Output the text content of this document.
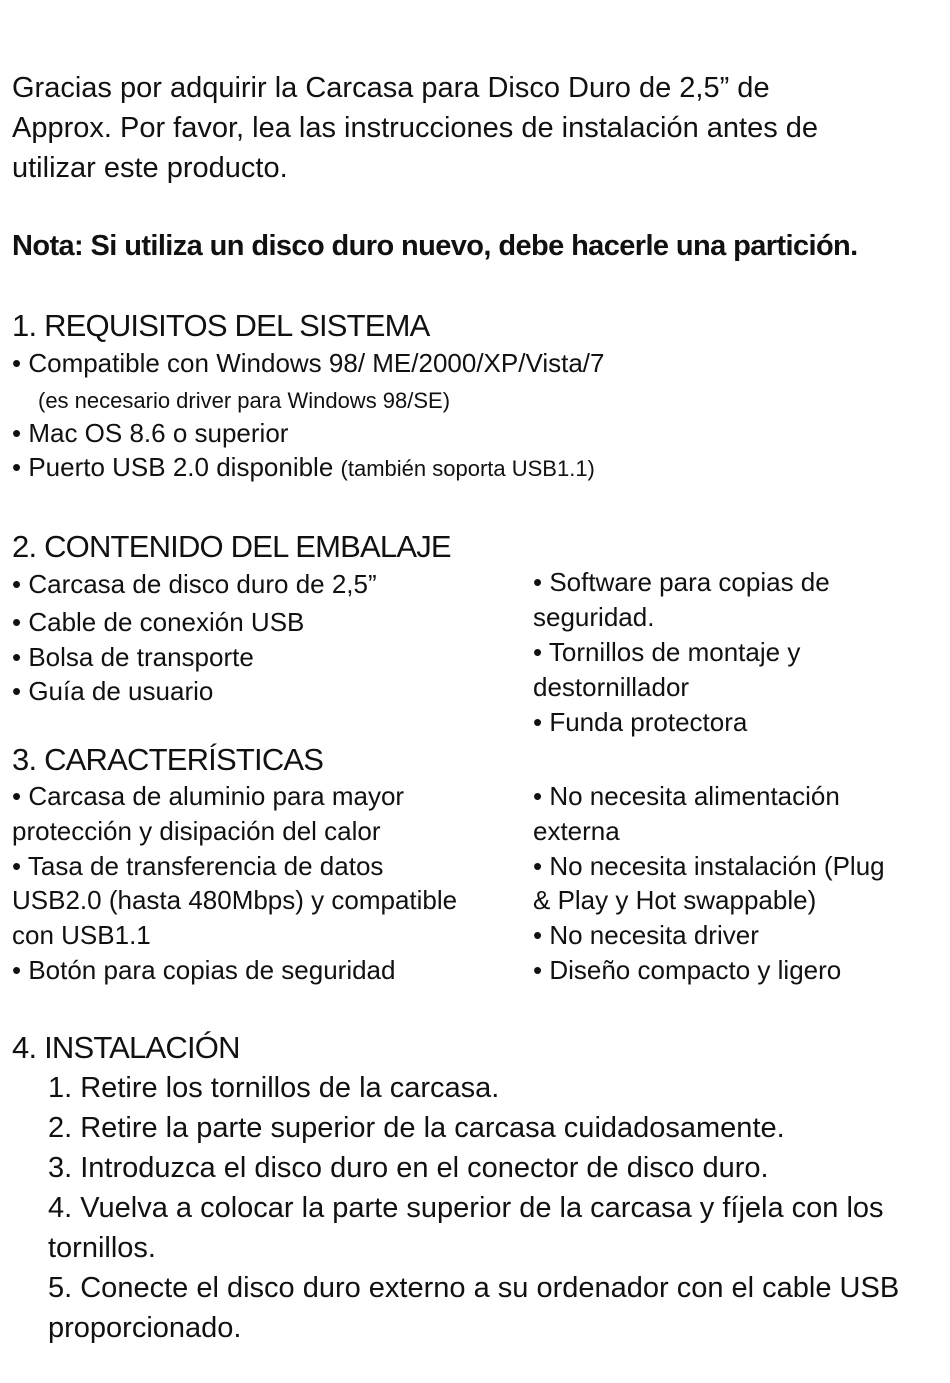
Gracias por adquirir la Carcasa para Disco Duro de 2,5” de
Approx. Por favor, lea las instrucciones de instalación antes de
utilizar este producto.
Nota: Si utiliza un disco duro nuevo, debe hacerle una partición.
1. REQUISITOS DEL SISTEMA
• Compatible con Windows 98/ ME/2000/XP/Vista/7
(es necesario driver para Windows 98/SE)
• Mac OS 8.6 o superior
• Puerto USB 2.0 disponible (también soporta USB1.1)
2. CONTENIDO DEL EMBALAJE
• Carcasa de disco duro de 2,5”
• Cable de conexión USB
• Bolsa de transporte
• Guía de usuario
• Software para copias de
seguridad.
• Tornillos de montaje y
destornillador
• Funda protectora
3. CARACTERÍSTICAS
• Carcasa de aluminio para mayor
protección y disipación del calor
• Tasa de transferencia de datos
USB2.0 (hasta 480Mbps) y compatible
con USB1.1
• Botón para copias de seguridad
• No necesita alimentación
externa
• No necesita instalación (Plug
& Play y Hot swappable)
• No necesita driver
• Diseño compacto y ligero
4. INSTALACIÓN
1. Retire los tornillos de la carcasa.
2. Retire la parte superior de la carcasa cuidadosamente.
3. Introduzca el disco duro en el conector de disco duro.
4. Vuelva a colocar la parte superior de la carcasa y fíjela con los tornillos.
5. Conecte el disco duro externo a su ordenador con el cable USB proporcionado.
